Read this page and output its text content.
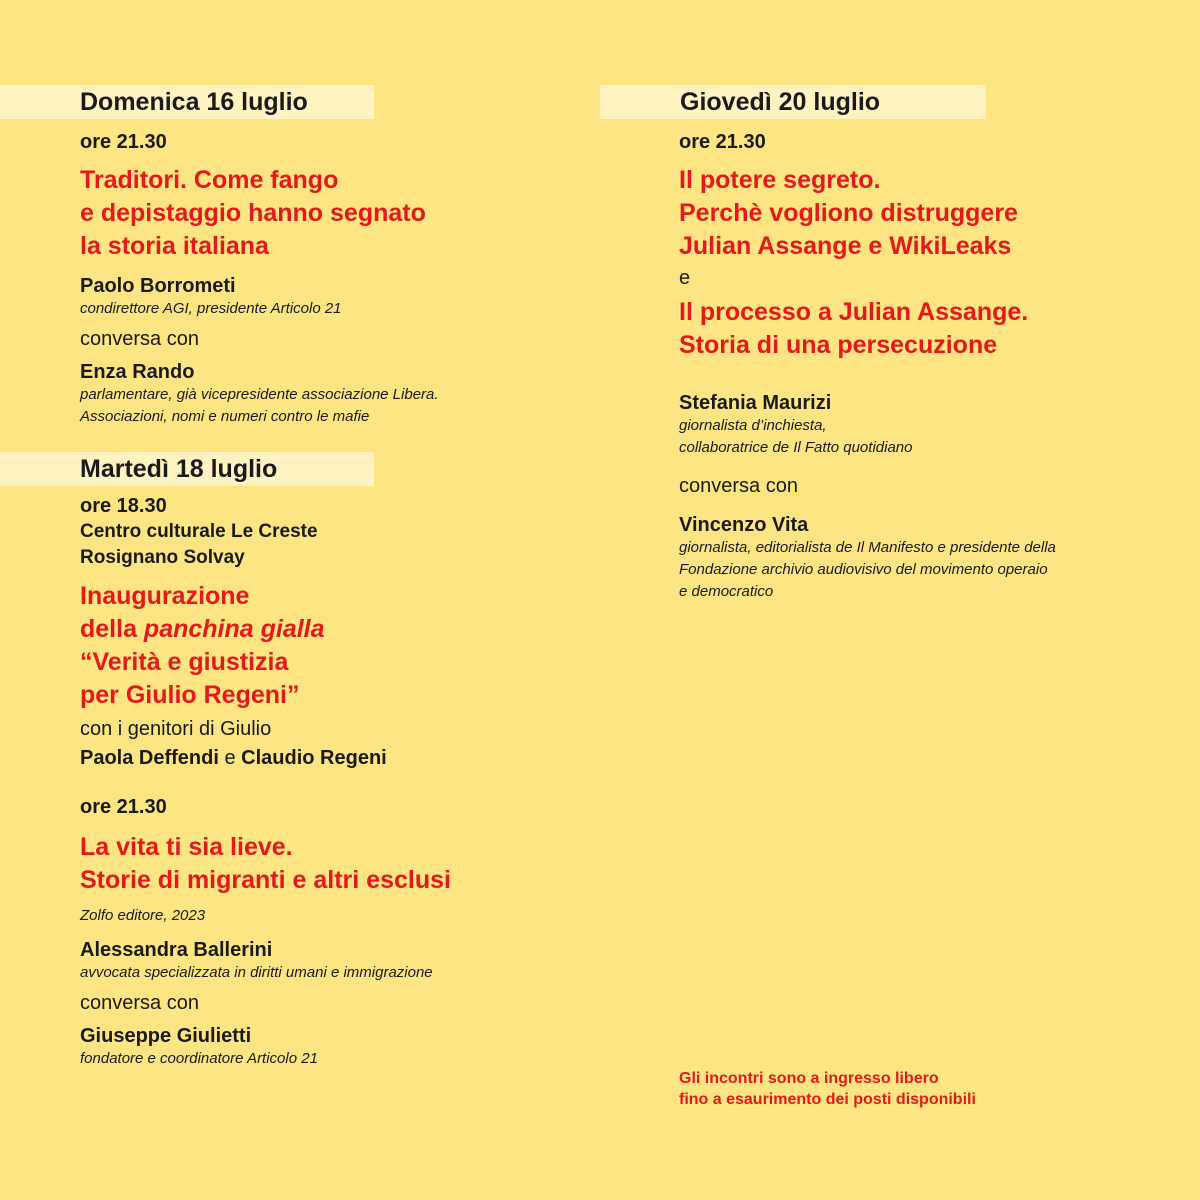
Domenica 16 luglio
ore 21.30
Traditori. Come fango
e depistaggio hanno segnato
la storia italiana
Paolo Borrometi
condirettore AGI, presidente Articolo 21
conversa con
Enza Rando
parlamentare, già vicepresidente associazione Libera.
Associazioni, nomi e numeri contro le mafie
Martedì 18 luglio
ore 18.30
Centro culturale Le Creste
Rosignano Solvay
Inaugurazione
della panchina gialla
“Verità e giustizia
per Giulio Regeni”
con i genitori di Giulio
Paola Deffendi e Claudio Regeni
ore 21.30
La vita ti sia lieve.
Storie di migranti e altri esclusi
Zolfo editore, 2023
Alessandra Ballerini
avvocata specializzata in diritti umani e immigrazione
conversa con
Giuseppe Giulietti
fondatore e coordinatore Articolo 21
Giovedì 20 luglio
ore 21.30
Il potere segreto.
Perchè vogliono distruggere
Julian Assange e WikiLeaks
e
Il processo a Julian Assange.
Storia di una persecuzione
Stefania Maurizi
giornalista d’inchiesta,
collaboratrice de Il Fatto quotidiano
conversa con
Vincenzo Vita
giornalista, editorialista de Il Manifesto e presidente della
Fondazione archivio audiovisivo del movimento operaio
e democratico
Gli incontri sono a ingresso libero
fino a esaurimento dei posti disponibili
